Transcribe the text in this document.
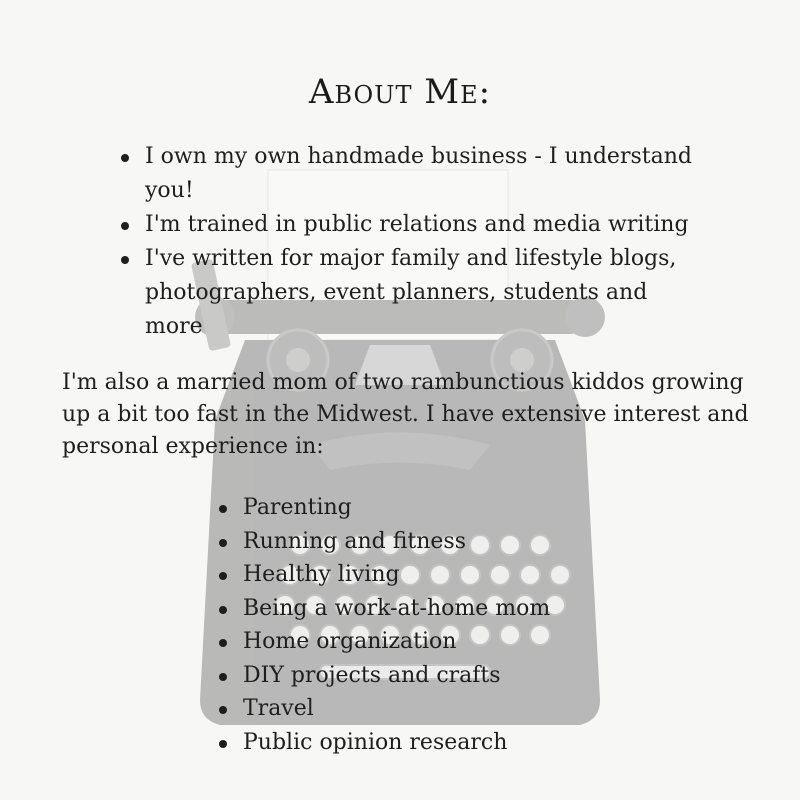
About Me:
I own my own handmade business - I understand you!
I'm trained in public relations and media writing
I've written for major family and lifestyle blogs, photographers, event planners, students and more

I'm also a married mom of two rambunctious kiddos growing up a bit too fast in the Midwest. I have extensive interest and personal experience in:

Parenting
Running and fitness
Healthy living
Being a work-at-home mom
Home organization
DIY projects and crafts
Travel
Public opinion research
